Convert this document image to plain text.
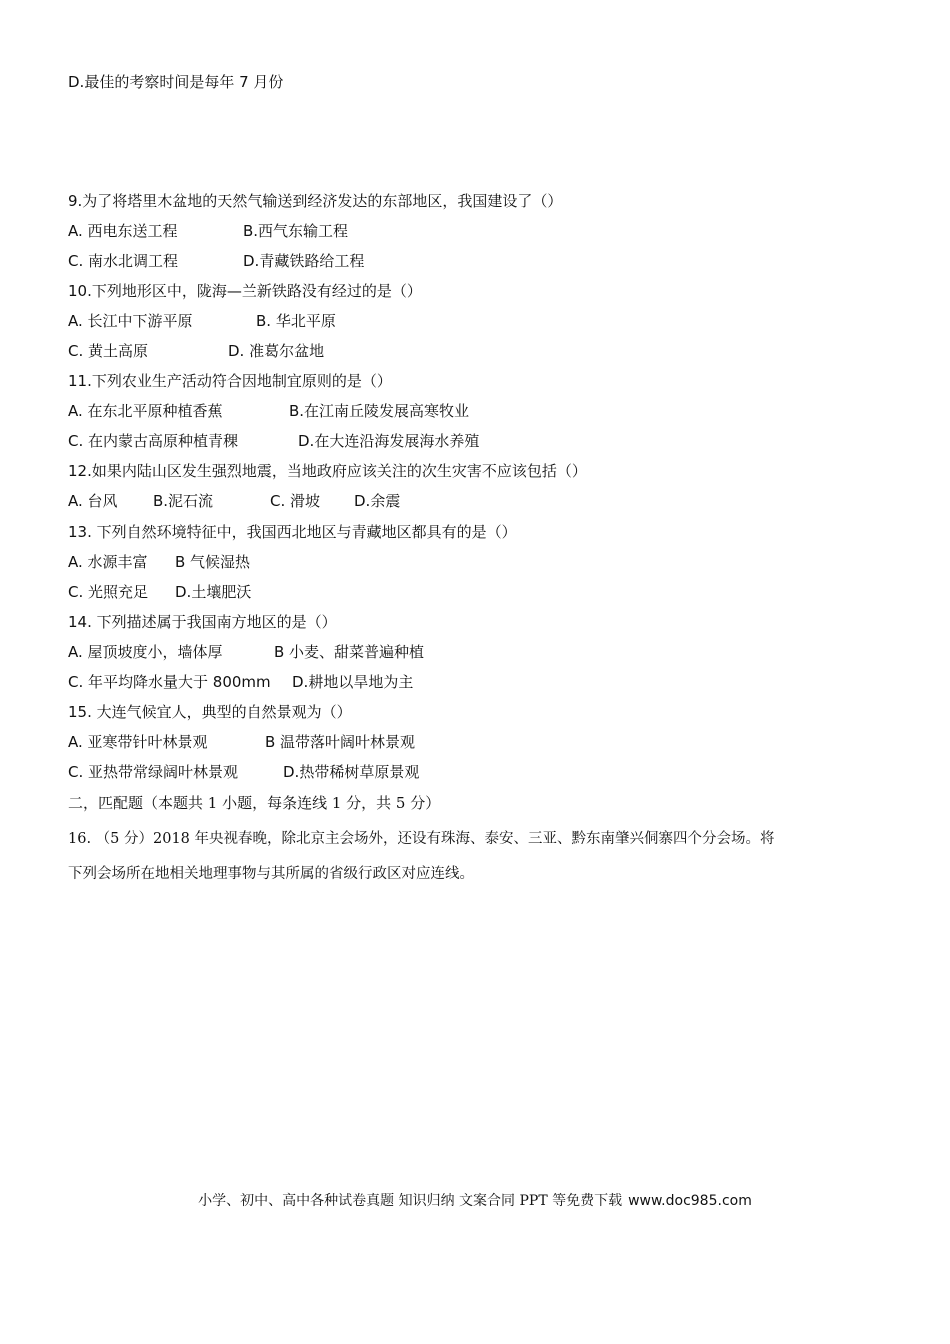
D.最佳的考察时间是每年 7 月份
9.为了将塔里木盆地的天然气输送到经济发达的东部地区，我国建设了（）
A. 西电东送工程	B.西气东输工程
C. 南水北调工程	D.青藏铁路给工程
10.下列地形区中，陇海—兰新铁路没有经过的是（）
A. 长江中下游平原	B. 华北平原
C. 黄土高原	D. 准葛尔盆地
11.下列农业生产活动符合因地制宜原则的是（）
A. 在东北平原种植香蕉	B.在江南丘陵发展高寒牧业
C. 在内蒙古高原种植青稞	D.在大连沿海发展海水养殖
12.如果内陆山区发生强烈地震，当地政府应该关注的次生灾害不应该包括（）
A. 台风 B.泥石流	C. 滑坡 D.余震
13. 下列自然环境特征中，我国西北地区与青藏地区都具有的是（）
A. 水源丰富 B 气候湿热
C. 光照充足 D.土壤肥沃
14. 下列描述属于我国南方地区的是（）
A. 屋顶坡度小，墙体厚	B 小麦、甜菜普遍种植
C. 年平均降水量大于 800mm D.耕地以旱地为主
15. 大连气候宜人，典型的自然景观为（）
A. 亚寒带针叶林景观	B 温带落叶阔叶林景观
C. 亚热带常绿阔叶林景观	D.热带稀树草原景观
二，匹配题（本题共 1 小题，每条连线 1 分，共 5 分）
16. （5 分）2018 年央视春晚，除北京主会场外，还设有珠海、泰安、三亚、黔东南肇兴侗寨四个分会场。将
下列会场所在地相关地理事物与其所属的省级行政区对应连线。
小学、初中、高中各种试卷真题 知识归纳 文案合同 PPT 等免费下载 www.doc985.com
